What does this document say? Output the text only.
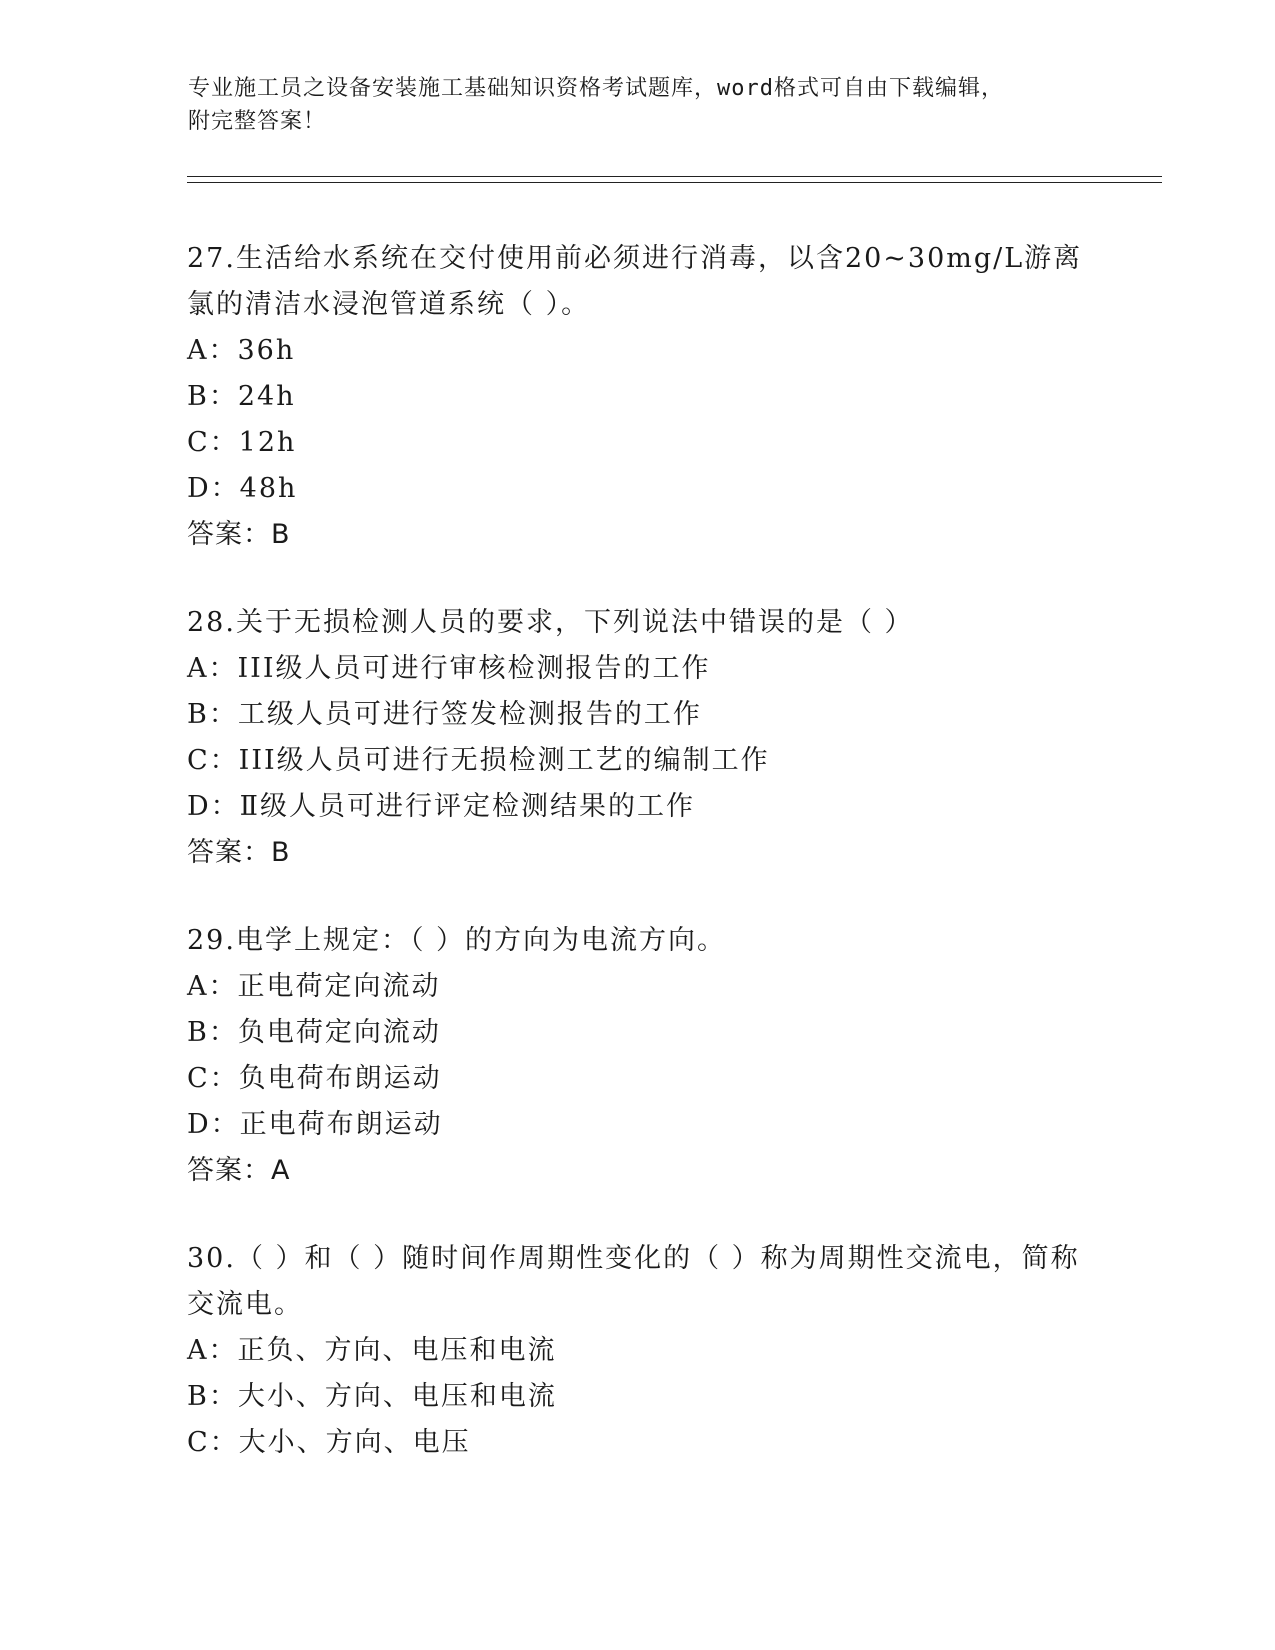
专业施工员之设备安装施工基础知识资格考试题库，word格式可自由下载编辑，
附完整答案！

27.生活给水系统在交付使用前必须进行消毒，以含20~30mg/L游离氯的清洁水浸泡管道系统（ ）。

A：36h

B：24h

C：12h

D：48h

答案：B

28.关于无损检测人员的要求，下列说法中错误的是（ ）

A：III级人员可进行审核检测报告的工作

B：工级人员可进行签发检测报告的工作

C：III级人员可进行无损检测工艺的编制工作

D：Ⅱ级人员可进行评定检测结果的工作

答案：B

29.电学上规定：（ ）的方向为电流方向。

A：正电荷定向流动

B：负电荷定向流动

C：负电荷布朗运动

D：正电荷布朗运动

答案：A

30.（ ）和（ ）随时间作周期性变化的（ ）称为周期性交流电，简称交流电。

A：正负、方向、电压和电流

B：大小、方向、电压和电流

C：大小、方向、电压
